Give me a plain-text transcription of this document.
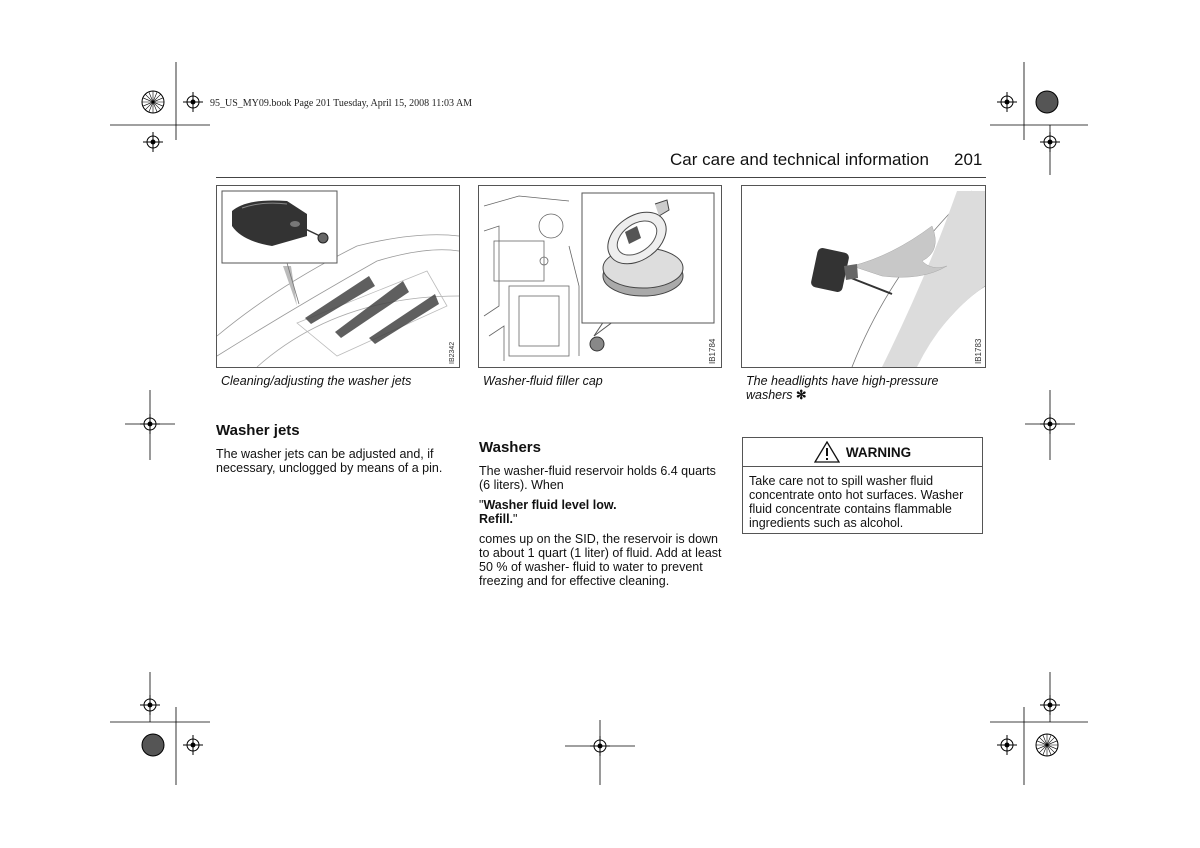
95_US_MY09.book Page 201 Tuesday, April 15, 2008 11:03 AM
Car care and technical information 201
IB2342
Cleaning/adjusting the washer jets
IB1784
Washer-fluid filler cap
IB1783
The headlights have high-pressure
washers ✻
Washer jets
The washer jets can be adjusted and, if
necessary, unclogged by means of a pin.
Washers
The washer-fluid reservoir holds 6.4 quarts
(6 liters). When
"Washer fluid level low.
Refill."
comes up on the SID, the reservoir is down
to about 1 quart (1 liter) of fluid. Add at least
50 % of washer- fluid to water to prevent
freezing and for effective cleaning.
WARNING
Take care not to spill washer fluid
concentrate onto hot surfaces. Washer
fluid concentrate contains flammable
ingredients such as alcohol.
